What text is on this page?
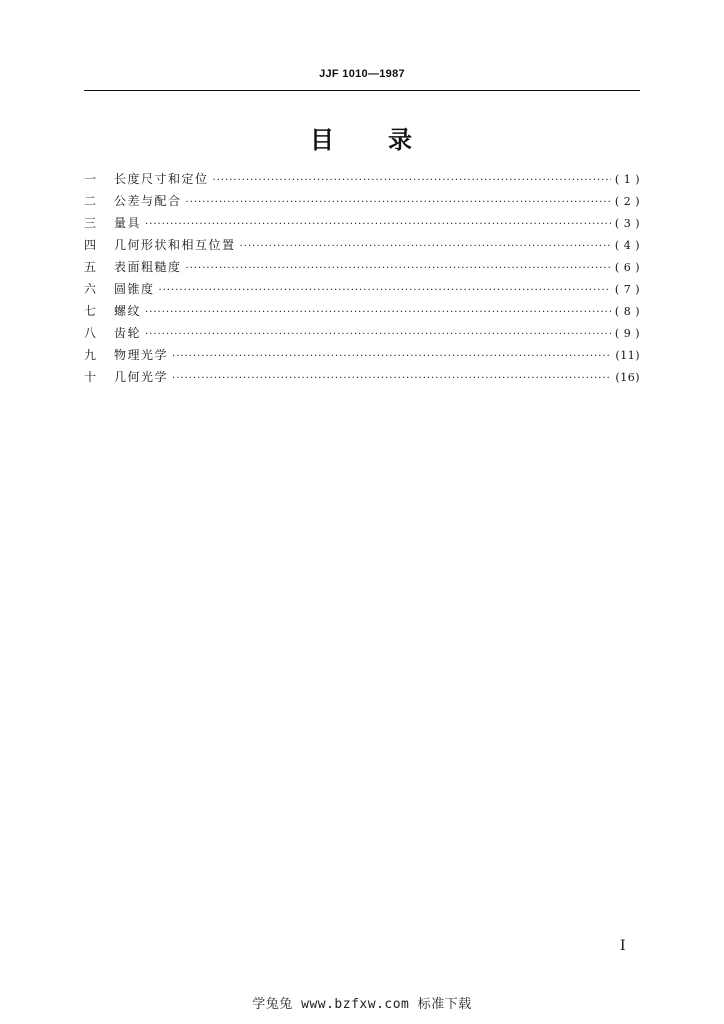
JJF 1010—1987
目 录
一	长度尺寸和定位 ·····	( 1 )
二	公差与配合 ·····	( 2 )
三	量具 ·····	( 3 )
四	几何形状和相互位置 ·····	( 4 )
五	表面粗糙度 ·····	( 6 )
六	圆锥度 ·····	( 7 )
七	螺纹 ·····	( 8 )
八	齿轮 ·····	( 9 )
九	物理光学 ·····	(11)
十	几何光学 ·····	(16)
I
学兔兔 www.bzfxw.com 标准下载
